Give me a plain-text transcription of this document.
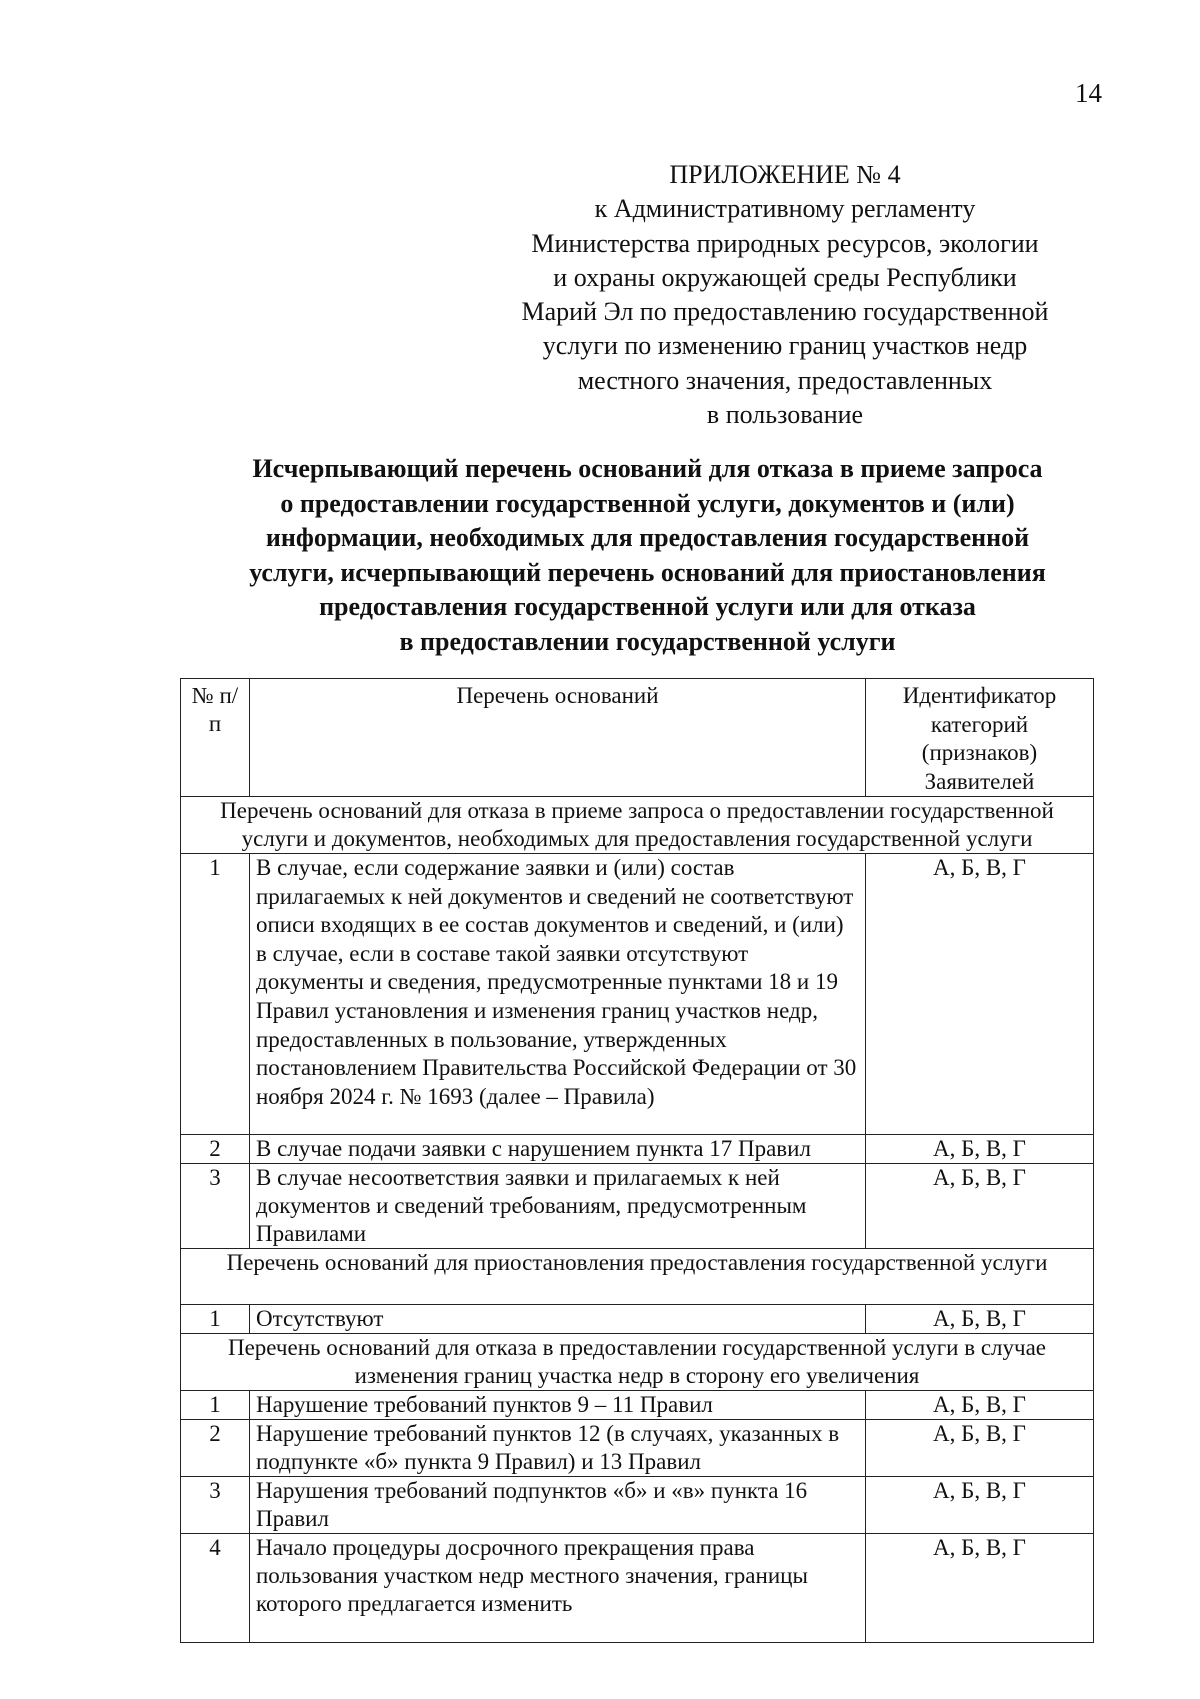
14
ПРИЛОЖЕНИЕ № 4
к Административному регламенту
Министерства природных ресурсов, экологии
и охраны окружающей среды Республики
Марий Эл по предоставлению государственной
услуги по изменению границ участков недр
местного значения, предоставленных
в пользование
Исчерпывающий перечень оснований для отказа в приеме запроса
о предоставлении государственной услуги, документов и (или)
информации, необходимых для предоставления государственной
услуги, исчерпывающий перечень оснований для приостановления
предоставления государственной услуги или для отказа
в предоставлении государственной услуги
№ п/п	Перечень оснований	Идентификатор категорий (признаков) Заявителей
Перечень оснований для отказа в приеме запроса о предоставлении государственной услуги и документов, необходимых для предоставления государственной услуги		
1	В случае, если содержание заявки и (или) состав прилагаемых к ней документов и сведений не соответствуют описи входящих в ее состав документов и сведений, и (или) в случае, если в составе такой заявки отсутствуют документы и сведения, предусмотренные пунктами 18 и 19 Правил установления и изменения границ участков недр, предоставленных в пользование, утвержденных постановлением Правительства Российской Федерации от 30 ноября 2024 г. № 1693 (далее – Правила)	А, Б, В, Г
2	В случае подачи заявки с нарушением пункта 17 Правил	А, Б, В, Г
3	В случае несоответствия заявки и прилагаемых к ней документов и сведений требованиям, предусмотренным Правилами	А, Б, В, Г
Перечень оснований для приостановления предоставления государственной услуги		
1	Отсутствуют	А, Б, В, Г
Перечень оснований для отказа в предоставлении государственной услуги в случае изменения границ участка недр в сторону его увеличения		
1	Нарушение требований пунктов 9 – 11 Правил	А, Б, В, Г
2	Нарушение требований пунктов 12 (в случаях, указанных в подпункте «б» пункта 9 Правил) и 13 Правил	А, Б, В, Г
3	Нарушения требований подпунктов «б» и «в» пункта 16 Правил	А, Б, В, Г
4	Начало процедуры досрочного прекращения права пользования участком недр местного значения, границы которого предлагается изменить	А, Б, В, Г
